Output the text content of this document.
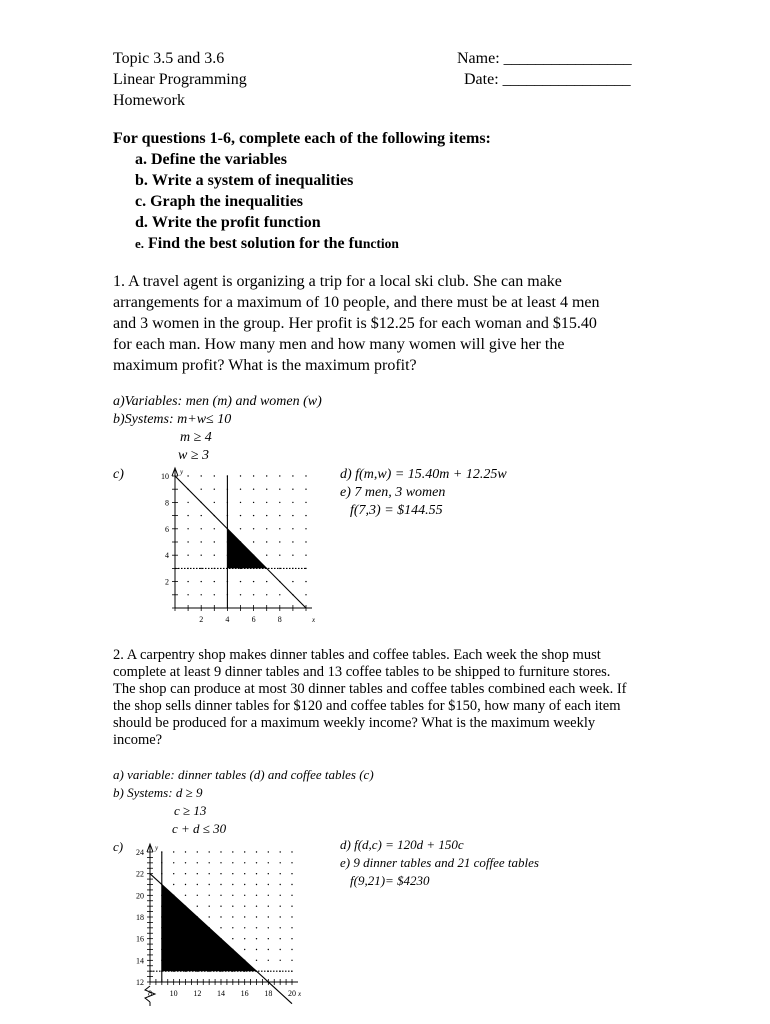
Topic 3.5 and 3.6
Linear Programming
Homework
Name: ________________
Date: ________________
For questions 1-6, complete each of the following items:
a. Define the variables
b. Write a system of inequalities
c. Graph the inequalities
d. Write the profit function
e. Find the best solution for the function
1. A travel agent is organizing a trip for a local ski club. She can make
arrangements for a maximum of 10 people, and there must be at least 4 men
and 3 women in the group. Her profit is $12.25 for each woman and $15.40
for each man. How many men and how many women will give her the
maximum profit? What is the maximum profit?
a)Variables: men (m) and women (w)
b)Systems: m+w≤ 10
m ≥ 4
w ≥ 3
c)	d) f(m,w) = 15.40m + 12.25w
e) 7 men, 3 women
f(7,3) = $144.55
2	4	6	8
2
4
6
8
10
x
y
2. A carpentry shop makes dinner tables and coffee tables. Each week the shop must
complete at least 9 dinner tables and 13 coffee tables to be shipped to furniture stores.
The shop can produce at most 30 dinner tables and coffee tables combined each week. If
the shop sells dinner tables for $120 and coffee tables for $150, how many of each item
should be produced for a maximum weekly income? What is the maximum weekly
income?
a) variable: dinner tables (d) and coffee tables (c)
b) Systems: d ≥ 9
c ≥ 13
c + d ≤ 30
c)	d) f(d,c) = 120d + 150c
e) 9 dinner tables and 21 coffee tables
f(9,21)= $4230
8 10 12 14 16 18 20
12
14
16
18
20
22
24
x
y
